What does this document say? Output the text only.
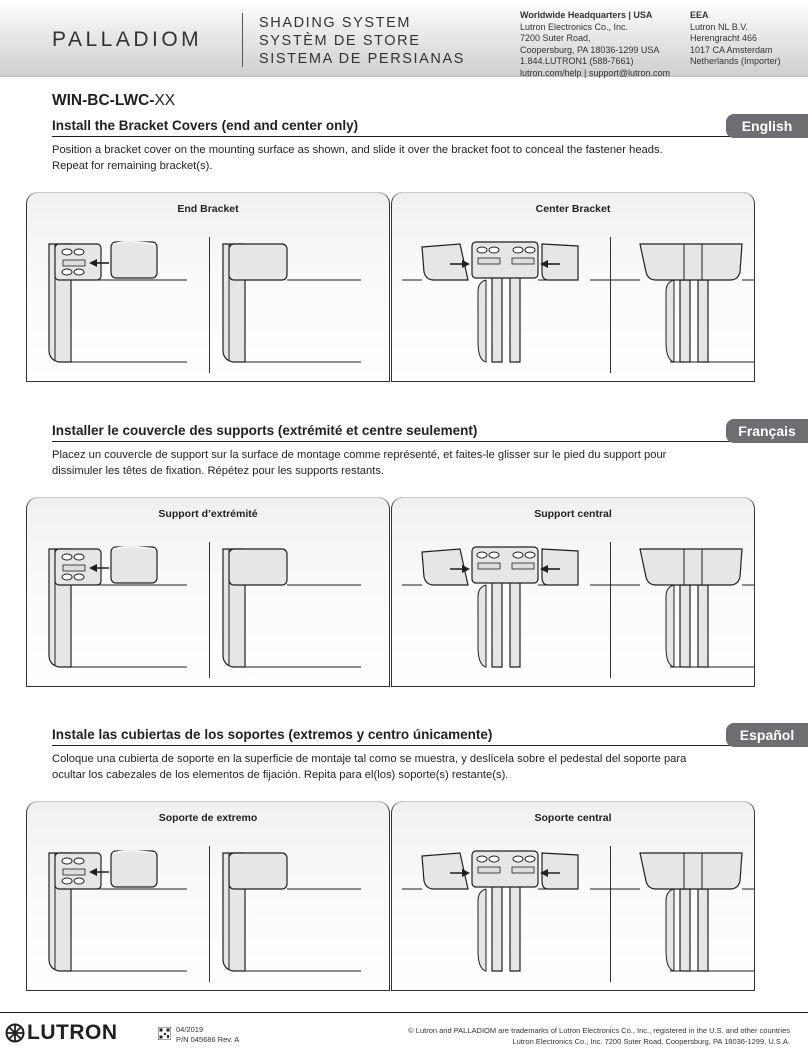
PALLADIOM
SHADING SYSTEM
SYSTÈM DE STORE
SISTEMA DE PERSIANAS
Worldwide Headquarters | USA
Lutron Electronics Co., Inc.
7200 Suter Road,
Coopersburg, PA 18036-1299 USA
1.844.LUTRON1 (588-7661)
lutron.com/help | support@lutron.com
EEA
Lutron NL B.V.
Herengracht 466
1017 CA Amsterdam
Netherlands (Importer)
WIN-BC-LWC-XX
Install the Bracket Covers (end and center only)	English
Position a bracket cover on the mounting surface as shown, and slide it over the bracket foot to conceal the fastener heads. Repeat for remaining bracket(s).
End Bracket	Center Bracket
Installer le couvercle des supports (extrémité et centre seulement)	Français
Placez un couvercle de support sur la surface de montage comme représenté, et faites-le glisser sur le pied du support pour dissimuler les têtes de fixation. Répétez pour les supports restants.
Support d’extrémité	Support central
Instale las cubiertas de los soportes (extremos y centro únicamente)	Español
Coloque una cubierta de soporte en la superficie de montaje tal como se muestra, y deslícela sobre el pedestal del soporte para ocultar los cabezales de los elementos de fijación. Repita para el(los) soporte(s) restante(s).
Soporte de extremo	Soporte central
LUTRON	04/2019
P/N 045686 Rev. A
© Lutron and PALLADIOM are trademarks of Lutron Electronics Co., Inc., registered in the U.S. and other countries
Lutron Electronics Co., Inc. 7200 Suter Road, Coopersburg, PA 18036-1299, U.S.A.
